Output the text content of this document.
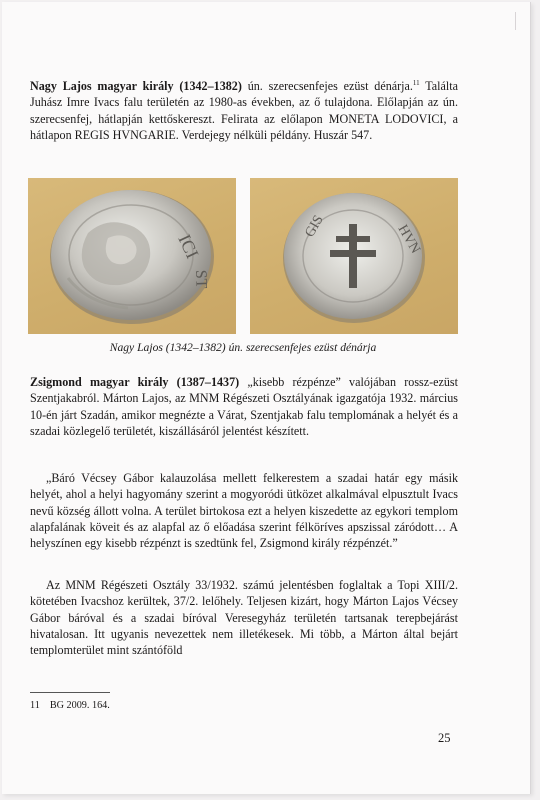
Nagy Lajos magyar király (1342–1382) ún. szerecsenfejes ezüst dénárja.$^{11}$ Találta Juhász Imre Ivacs falu területén az 1980-as években, az ő tulajdona. Előlapján az ún. szerecsenfej, hátlapján kettőskereszt. Felirata az előlapon MONETA LODOVICI, a hátlapon REGIS HVNGARIE. Verdejegy nélküli példány. Huszár 547.

ICI
ST
GIS	HVN
Nagy Lajos (1342–1382) ún. szerecsenfejes ezüst dénárja

Zsigmond magyar király (1387–1437) „kisebb rézpénze” valójában rossz-ezüst Szentjakabról. Márton Lajos, az MNM Régészeti Osztályának igazgatója 1932. március 10-én járt Szadán, amikor megnézte a Várat, Szentjakab falu templomának a helyét és a szadai közlegelő területét, kiszállásáról jelentést készített.

„Báró Vécsey Gábor kalauzolása mellett felkerestem a szadai határ egy másik helyét, ahol a helyi hagyomány szerint a mogyoródi ütközet alkalmával elpusztult Ivacs nevű község állott volna. A terület birtokosa ezt a helyen kiszedette az egykori templom alapfalának köveit és az alapfal az ő előadása szerint félköríves apszissal záródott… A helyszínen egy kisebb rézpénzt is szedtünk fel, Zsigmond király rézpénzét.”

Az MNM Régészeti Osztály 33/1932. számú jelentésben foglaltak a Topi XIII/2. kötetében Ivacshoz kerültek, 37/2. lelőhely. Teljesen kizárt, hogy Márton Lajos Vécsey Gábor báróval és a szadai bíróval Veresegyház területén tartsanak terepbejárást hivatalosan. Itt ugyanis nevezettek nem illetékesek. Mi több, a Márton által bejárt templomterület mint szántóföld

11 BG 2009. 164.
25
